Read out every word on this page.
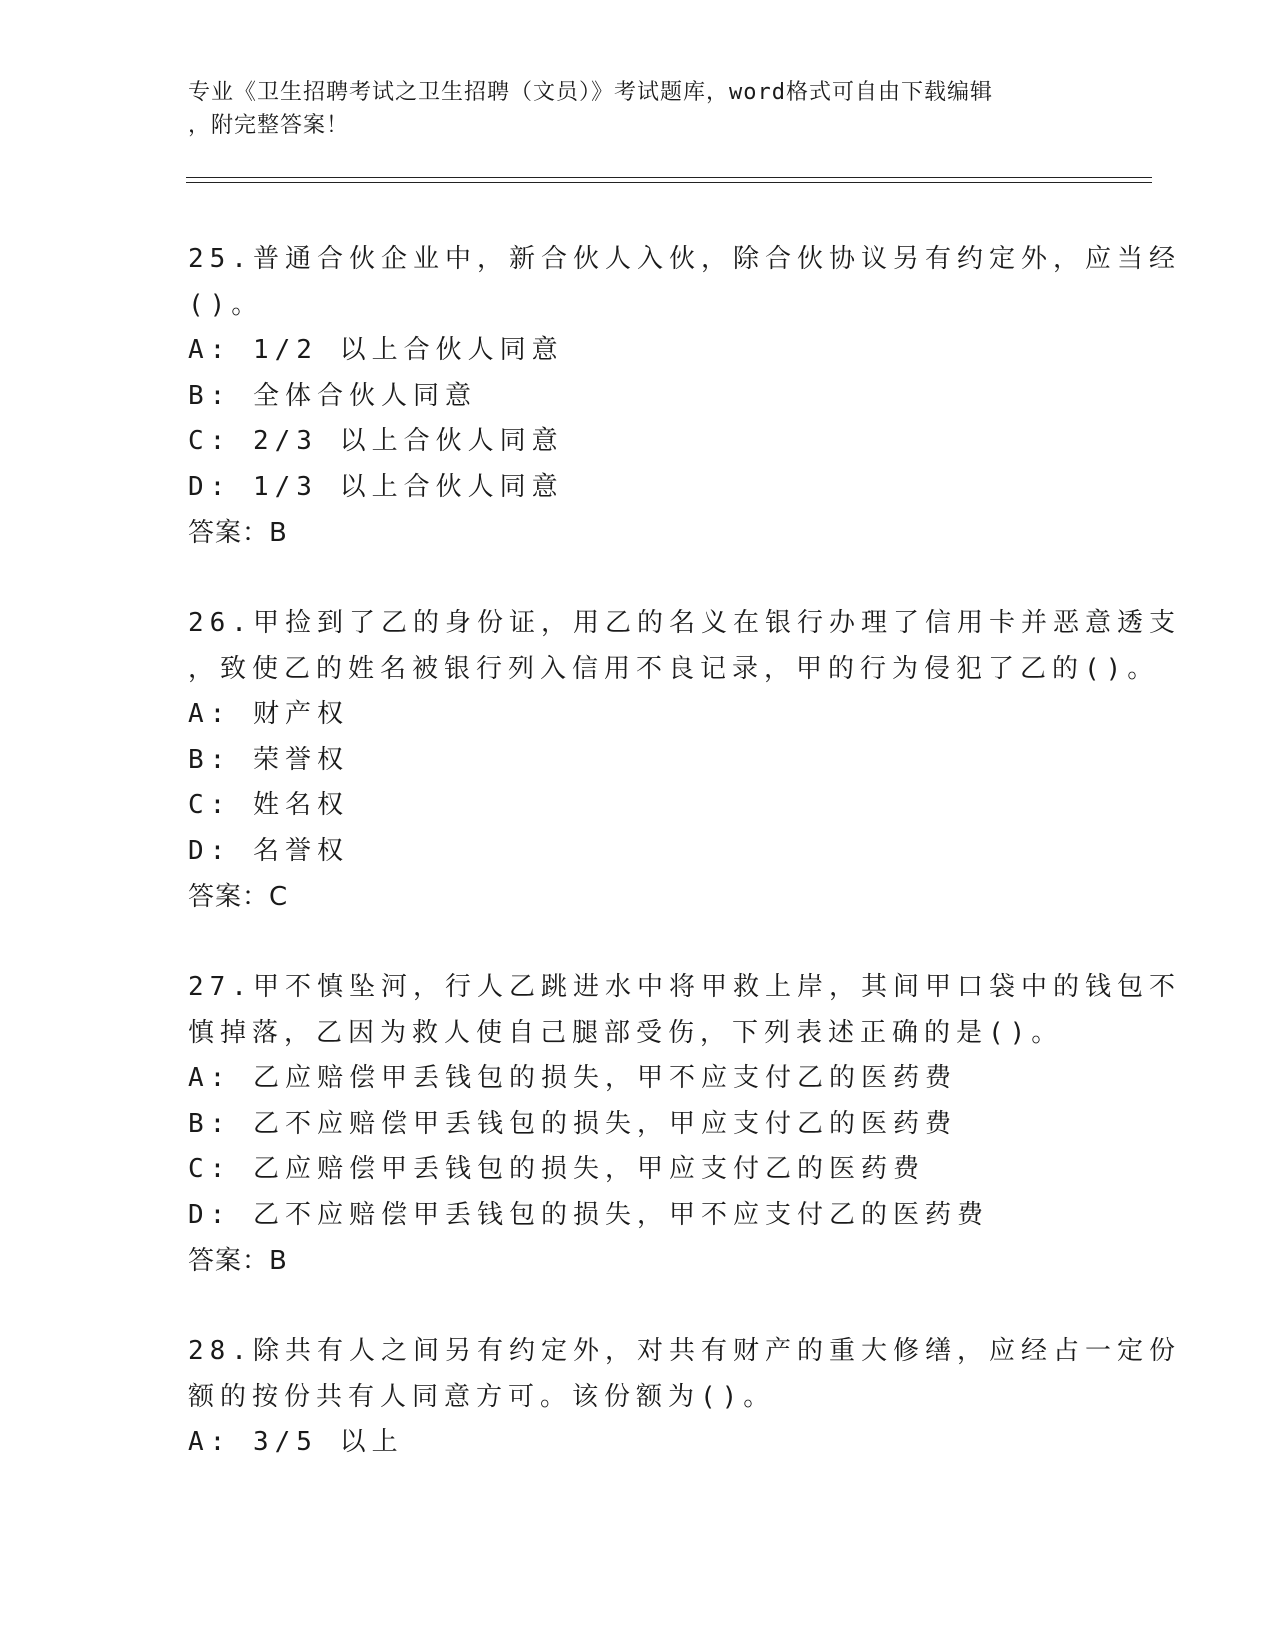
专业《卫生招聘考试之卫生招聘（文员）》考试题库，word格式可自由下载编辑
，附完整答案！
25.普通合伙企业中，新合伙人入伙，除合伙协议另有约定外，应当经
()。
A: 1/2 以上合伙人同意
B: 全体合伙人同意
C: 2/3 以上合伙人同意
D: 1/3 以上合伙人同意
答案：B
26.甲捡到了乙的身份证，用乙的名义在银行办理了信用卡并恶意透支
，致使乙的姓名被银行列入信用不良记录，甲的行为侵犯了乙的()。
A: 财产权
B: 荣誉权
C: 姓名权
D: 名誉权
答案：C
27.甲不慎坠河，行人乙跳进水中将甲救上岸，其间甲口袋中的钱包不
慎掉落，乙因为救人使自己腿部受伤，下列表述正确的是()。
A: 乙应赔偿甲丢钱包的损失，甲不应支付乙的医药费
B: 乙不应赔偿甲丢钱包的损失，甲应支付乙的医药费
C: 乙应赔偿甲丢钱包的损失，甲应支付乙的医药费
D: 乙不应赔偿甲丢钱包的损失，甲不应支付乙的医药费
答案：B
28.除共有人之间另有约定外，对共有财产的重大修缮，应经占一定份
额的按份共有人同意方可。该份额为()。
A: 3/5 以上
